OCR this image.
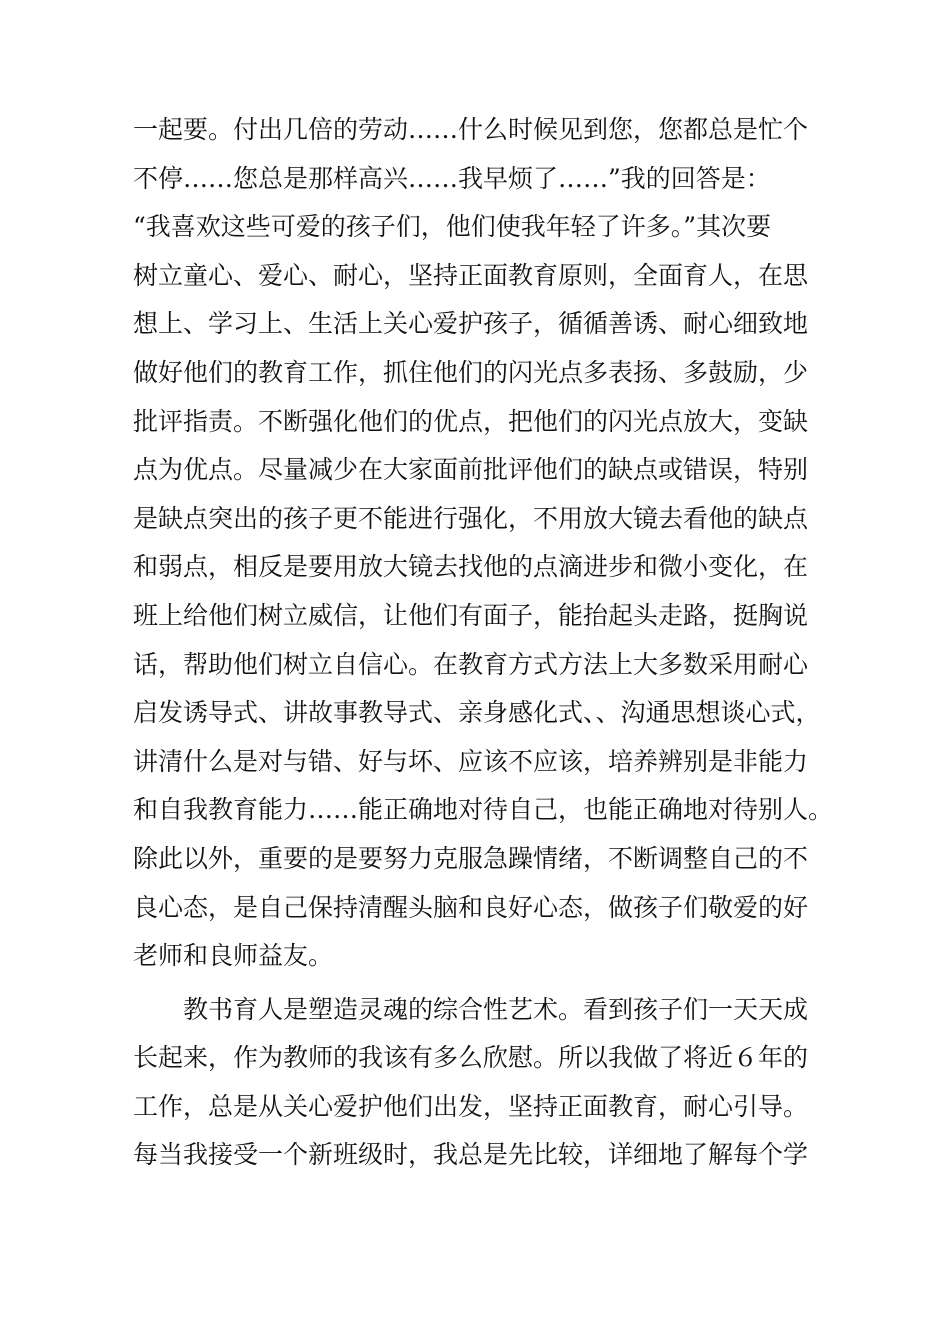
一起要。付出几倍的劳动……什么时候见到您，您都总是忙个
不停……您总是那样高兴……我早烦了……”我的回答是：
“我喜欢这些可爱的孩子们，他们使我年轻了许多。”其次要
树立童心、爱心、耐心，坚持正面教育原则，全面育人，在思
想上、学习上、生活上关心爱护孩子，循循善诱、耐心细致地
做好他们的教育工作，抓住他们的闪光点多表扬、多鼓励，少
批评指责。不断强化他们的优点，把他们的闪光点放大，变缺
点为优点。尽量减少在大家面前批评他们的缺点或错误，特别
是缺点突出的孩子更不能进行强化，不用放大镜去看他的缺点
和弱点，相反是要用放大镜去找他的点滴进步和微小变化，在
班上给他们树立威信，让他们有面子，能抬起头走路，挺胸说
话，帮助他们树立自信心。在教育方式方法上大多数采用耐心
启发诱导式、讲故事教导式、亲身感化式、、沟通思想谈心式，
讲清什么是对与错、好与坏、应该不应该，培养辨别是非能力
和自我教育能力……能正确地对待自己，也能正确地对待别人。
除此以外，重要的是要努力克服急躁情绪，不断调整自己的不
良心态，是自己保持清醒头脑和良好心态，做孩子们敬爱的好
老师和良师益友。
教书育人是塑造灵魂的综合性艺术。看到孩子们一天天成
长起来，作为教师的我该有多么欣慰。所以我做了将近６年的
工作，总是从关心爱护他们出发，坚持正面教育，耐心引导。
每当我接受一个新班级时，我总是先比较，详细地了解每个学
